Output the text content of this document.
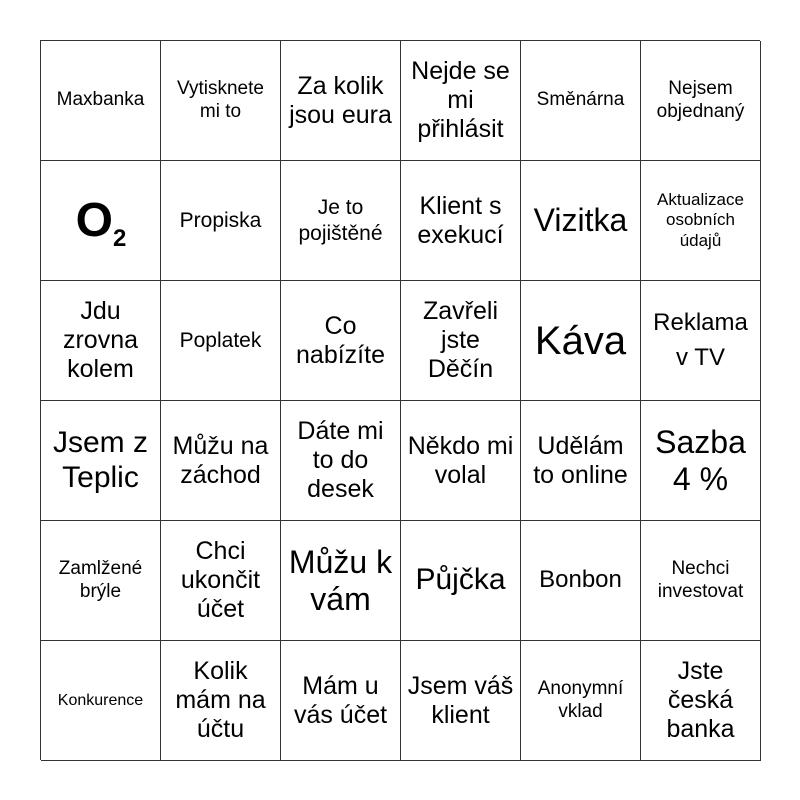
Maxbanka
Vytisknete mi to
Za kolik jsou eura
Nejde se mi přihlásit
Směnárna
Nejsem objednaný
O 2
Propiska
Je to pojištěné
Klient s exekucí Vizitka
Aktualizace osobních údajů
Jdu zrovna kolem
Poplatek
Co nabízíte
Zavřeli jste Děčín
Káva	Reklama v TV
Jsem z Teplic
Můžu na záchod
Dáte mi to do desek
Někdo mi volal
Udělám to online
Sazba 4 %
Zamlžené brýle
Chci ukončit účet
Můžu k vám
Půjčka Bonbon	Nechci investovat
Konkurence
Kolik mám na účtu
Mám u vás účet
Jsem váš klient
Anonymní vklad
Jste česká banka
